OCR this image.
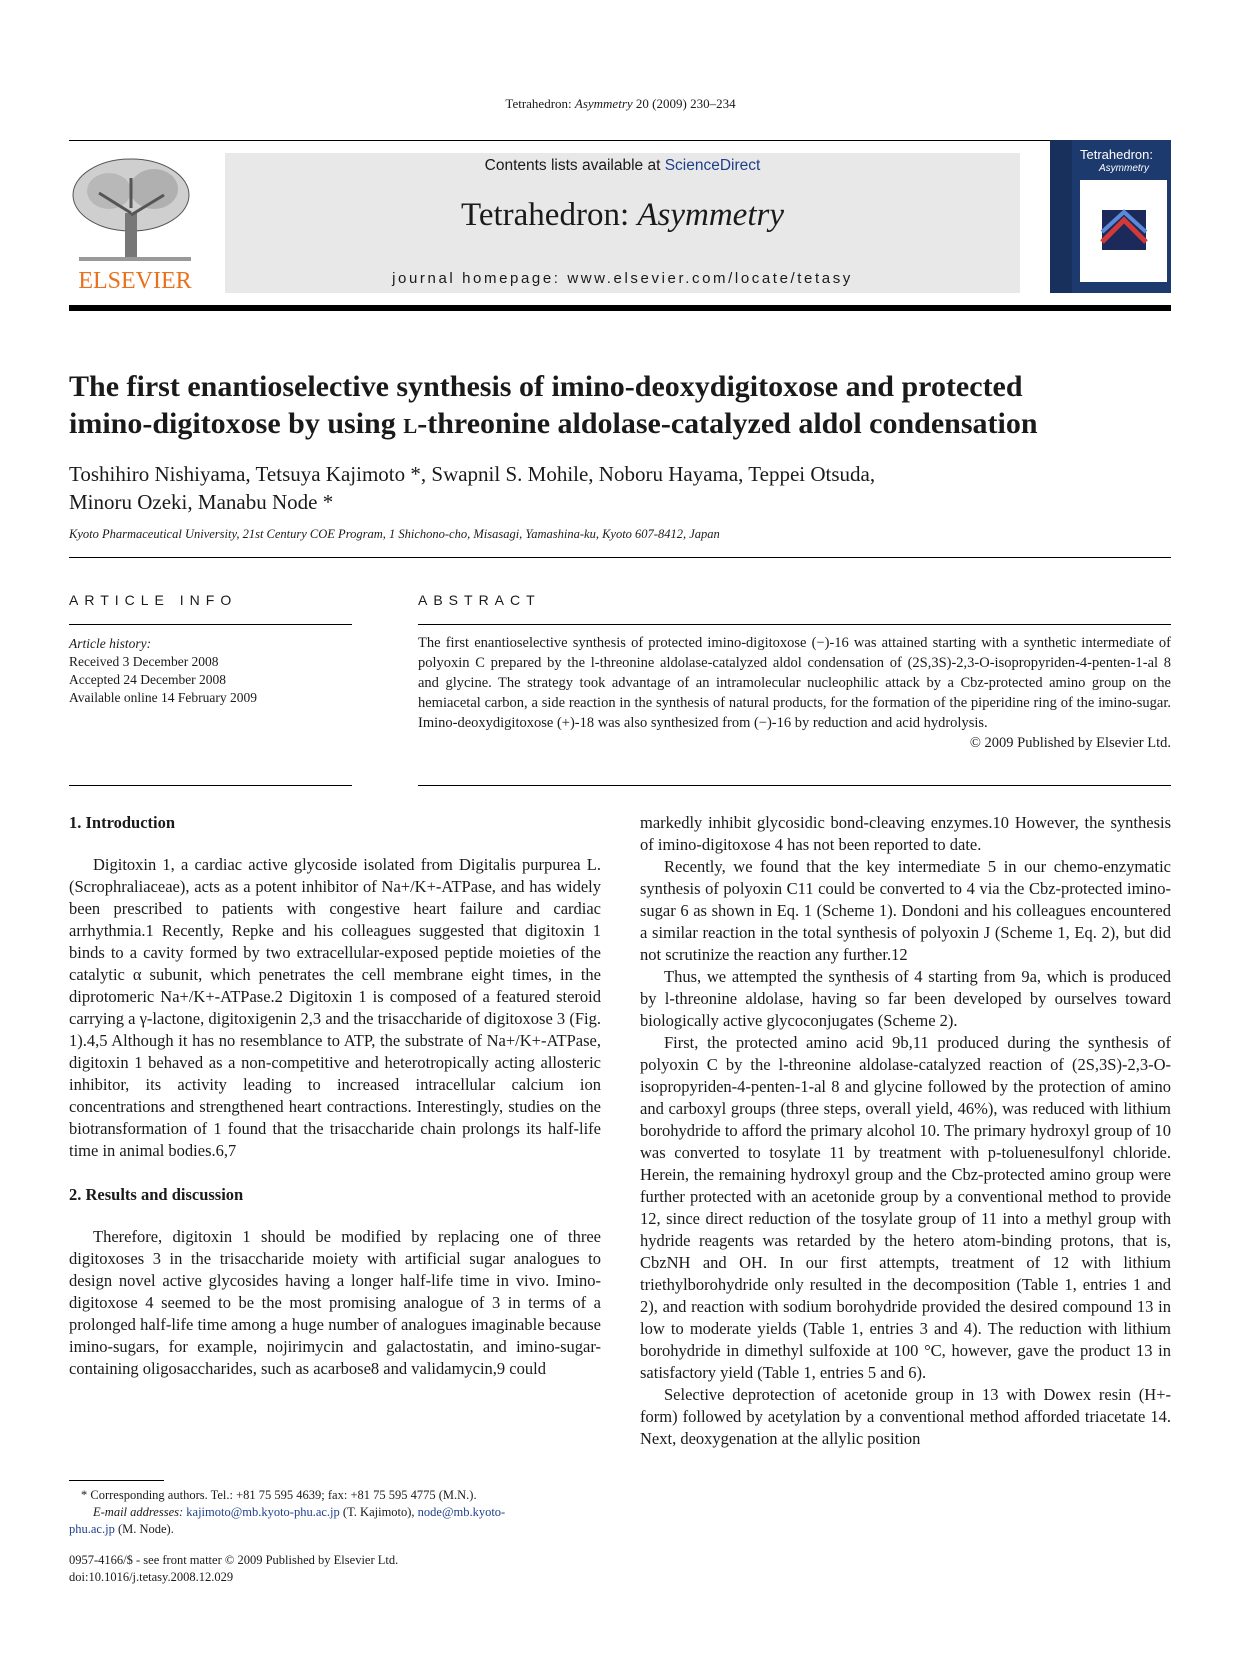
Tetrahedron: Asymmetry 20 (2009) 230–234
ELSEVIER
Contents lists available at ScienceDirect
Tetrahedron: Asymmetry
journal homepage: www.elsevier.com/locate/tetasy
Tetrahedron:
Asymmetry
The first enantioselective synthesis of imino-deoxydigitoxose and protected
imino-digitoxose by using l-threonine aldolase-catalyzed aldol condensation
Toshihiro Nishiyama, Tetsuya Kajimoto *, Swapnil S. Mohile, Noboru Hayama, Teppei Otsuda,
Minoru Ozeki, Manabu Node *
Kyoto Pharmaceutical University, 21st Century COE Program, 1 Shichono-cho, Misasagi, Yamashina-ku, Kyoto 607-8412, Japan
ARTICLE INFO
Article history:
Received 3 December 2008
Accepted 24 December 2008
Available online 14 February 2009
ABSTRACT
The first enantioselective synthesis of protected imino-digitoxose (−)-16 was attained starting with a synthetic intermediate of polyoxin C prepared by the l-threonine aldolase-catalyzed aldol condensation of (2S,3S)-2,3-O-isopropyriden-4-penten-1-al 8 and glycine. The strategy took advantage of an intramolecular nucleophilic attack by a Cbz-protected amino group on the hemiacetal carbon, a side reaction in the synthesis of natural products, for the formation of the piperidine ring of the imino-sugar. Imino-deoxydigitoxose (+)-18 was also synthesized from (−)-16 by reduction and acid hydrolysis.
© 2009 Published by Elsevier Ltd.
1. Introduction

Digitoxin 1, a cardiac active glycoside isolated from Digitalis purpurea L. (Scrophraliaceae), acts as a potent inhibitor of Na+/K+-ATPase, and has widely been prescribed to patients with congestive heart failure and cardiac arrhythmia.1 Recently, Repke and his colleagues suggested that digitoxin 1 binds to a cavity formed by two extracellular-exposed peptide moieties of the catalytic α subunit, which penetrates the cell membrane eight times, in the diprotomeric Na+/K+-ATPase.2 Digitoxin 1 is composed of a featured steroid carrying a γ-lactone, digitoxigenin 2,3 and the trisaccharide of digitoxose 3 (Fig. 1).4,5 Although it has no resemblance to ATP, the substrate of Na+/K+-ATPase, digitoxin 1 behaved as a non-competitive and heterotropically acting allosteric inhibitor, its activity leading to increased intracellular calcium ion concentrations and strengthened heart contractions. Interestingly, studies on the biotransformation of 1 found that the trisaccharide chain prolongs its half-life time in animal bodies.6,7

2. Results and discussion

Therefore, digitoxin 1 should be modified by replacing one of three digitoxoses 3 in the trisaccharide moiety with artificial sugar analogues to design novel active glycosides having a longer half-life time in vivo. Imino-digitoxose 4 seemed to be the most promising analogue of 3 in terms of a prolonged half-life time among a huge number of analogues imaginable because imino-sugars, for example, nojirimycin and galactostatin, and imino-sugar-containing oligosaccharides, such as acarbose8 and validamycin,9 could

* Corresponding authors. Tel.: +81 75 595 4639; fax: +81 75 595 4775 (M.N.).
E-mail addresses: kajimoto@mb.kyoto-phu.ac.jp (T. Kajimoto), node@mb.kyoto-
phu.ac.jp (M. Node).
0957-4166/$ - see front matter © 2009 Published by Elsevier Ltd.
doi:10.1016/j.tetasy.2008.12.029

markedly inhibit glycosidic bond-cleaving enzymes.10 However, the synthesis of imino-digitoxose 4 has not been reported to date.

Recently, we found that the key intermediate 5 in our chemo-enzymatic synthesis of polyoxin C11 could be converted to 4 via the Cbz-protected imino-sugar 6 as shown in Eq. 1 (Scheme 1). Dondoni and his colleagues encountered a similar reaction in the total synthesis of polyoxin J (Scheme 1, Eq. 2), but did not scrutinize the reaction any further.12

Thus, we attempted the synthesis of 4 starting from 9a, which is produced by l-threonine aldolase, having so far been developed by ourselves toward biologically active glycoconjugates (Scheme 2).

First, the protected amino acid 9b,11 produced during the synthesis of polyoxin C by the l-threonine aldolase-catalyzed reaction of (2S,3S)-2,3-O-isopropyriden-4-penten-1-al 8 and glycine followed by the protection of amino and carboxyl groups (three steps, overall yield, 46%), was reduced with lithium borohydride to afford the primary alcohol 10. The primary hydroxyl group of 10 was converted to tosylate 11 by treatment with p-toluenesulfonyl chloride. Herein, the remaining hydroxyl group and the Cbz-protected amino group were further protected with an acetonide group by a conventional method to provide 12, since direct reduction of the tosylate group of 11 into a methyl group with hydride reagents was retarded by the hetero atom-binding protons, that is, CbzNH and OH. In our first attempts, treatment of 12 with lithium triethylborohydride only resulted in the decomposition (Table 1, entries 1 and 2), and reaction with sodium borohydride provided the desired compound 13 in low to moderate yields (Table 1, entries 3 and 4). The reduction with lithium borohydride in dimethyl sulfoxide at 100 °C, however, gave the product 13 in satisfactory yield (Table 1, entries 5 and 6).

Selective deprotection of acetonide group in 13 with Dowex resin (H+-form) followed by acetylation by a conventional method afforded triacetate 14. Next, deoxygenation at the allylic position
